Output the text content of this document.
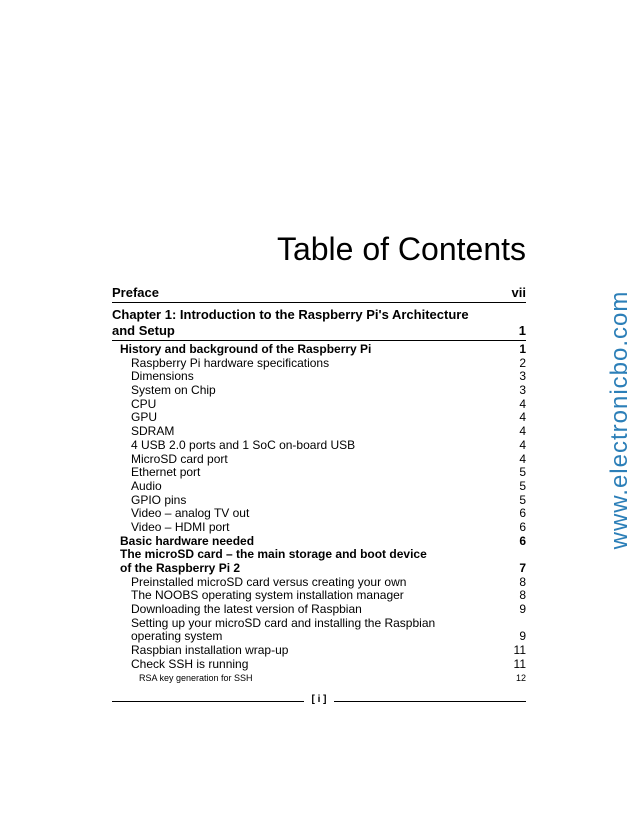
Table of Contents
Preface	vii
Chapter 1: Introduction to the Raspberry Pi's Architecture
and Setup	1
History and background of the Raspberry Pi	1
Raspberry Pi hardware specifications	2
Dimensions	3
System on Chip	3
CPU	4
GPU	4
SDRAM	4
4 USB 2.0 ports and 1 SoC on-board USB	4
MicroSD card port	4
Ethernet port	5
Audio	5
GPIO pins	5
Video – analog TV out	6
Video – HDMI port	6
Basic hardware needed	6
The microSD card – the main storage and boot device
of the Raspberry Pi 2	7
Preinstalled microSD card versus creating your own	8
The NOOBS operating system installation manager	8
Downloading the latest version of Raspbian	9
Setting up your microSD card and installing the Raspbian
operating system	9
Raspbian installation wrap-up	11
Check SSH is running	11
RSA key generation for SSH	12
[ i ]
www.electronicbo.com
